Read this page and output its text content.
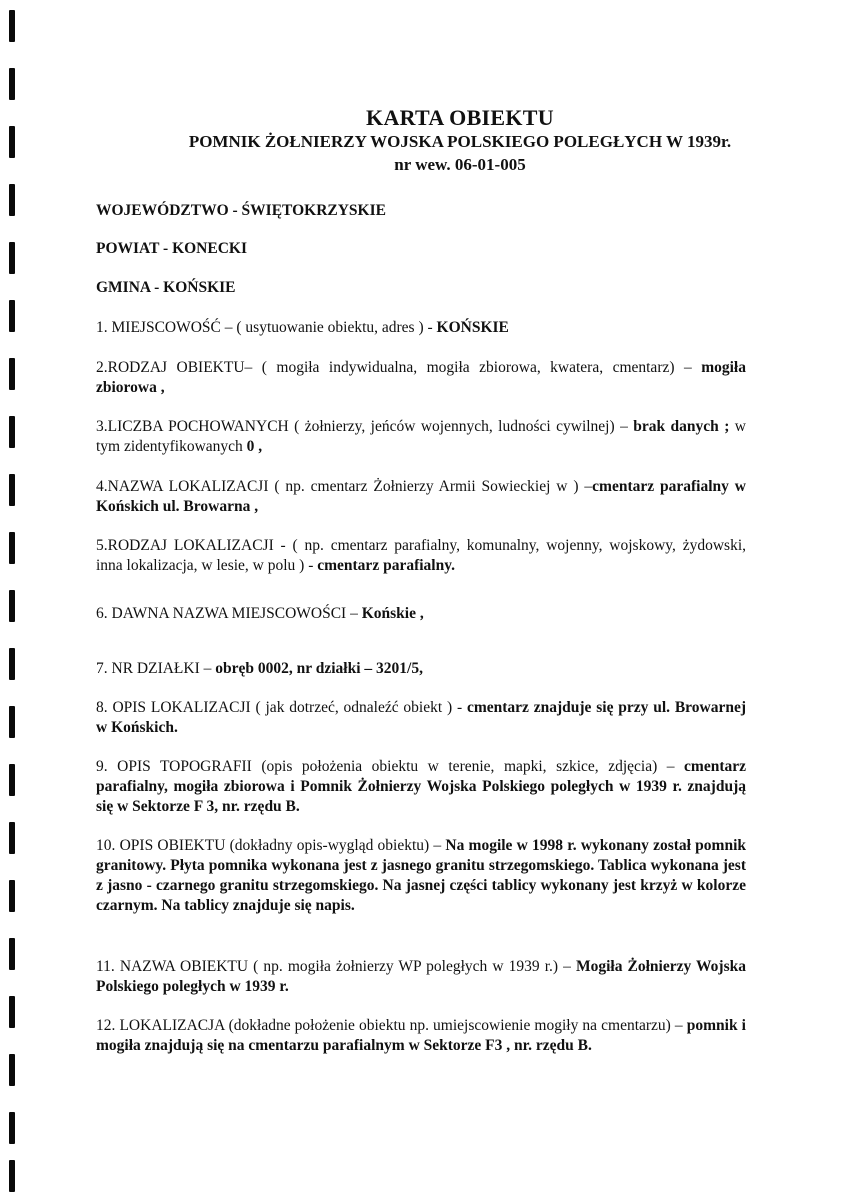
KARTA OBIEKTU
POMNIK ŻOŁNIERZY WOJSKA POLSKIEGO POLEGŁYCH W 1939r.
nr wew. 06-01-005
WOJEWÓDZTWO - ŚWIĘTOKRZYSKIE
POWIAT - KONECKI
GMINA - KOŃSKIE
1. MIEJSCOWOŚĆ – ( usytuowanie obiektu, adres ) - KOŃSKIE
2.RODZAJ OBIEKTU– ( mogiła indywidualna, mogiła zbiorowa, kwatera, cmentarz) – mogiła zbiorowa ,
3.LICZBA POCHOWANYCH ( żołnierzy, jeńców wojennych, ludności cywilnej) – brak danych ; w tym zidentyfikowanych 0 ,
4.NAZWA LOKALIZACJI ( np. cmentarz Żołnierzy Armii Sowieckiej w ) –cmentarz parafialny w Końskich ul. Browarna ,
5.RODZAJ LOKALIZACJI - ( np. cmentarz parafialny, komunalny, wojenny, wojskowy, żydowski, inna lokalizacja, w lesie, w polu ) - cmentarz parafialny.
6. DAWNA NAZWA MIEJSCOWOŚCI – Końskie ,
7. NR DZIAŁKI – obręb 0002, nr działki – 3201/5,
8. OPIS LOKALIZACJI ( jak dotrzeć, odnaleźć obiekt ) - cmentarz znajduje się przy ul. Browarnej w Końskich.
9. OPIS TOPOGRAFII (opis położenia obiektu w terenie, mapki, szkice, zdjęcia) – cmentarz parafialny, mogiła zbiorowa i Pomnik Żołnierzy Wojska Polskiego poległych w 1939 r. znajdują się w Sektorze F 3, nr. rzędu B.
10. OPIS OBIEKTU (dokładny opis-wygląd obiektu) – Na mogile w 1998 r. wykonany został pomnik granitowy. Płyta pomnika wykonana jest z jasnego granitu strzegomskiego. Tablica wykonana jest z jasno - czarnego granitu strzegomskiego. Na jasnej części tablicy wykonany jest krzyż w kolorze czarnym. Na tablicy znajduje się napis.
11. NAZWA OBIEKTU ( np. mogiła żołnierzy WP poległych w 1939 r.) – Mogiła Żołnierzy Wojska Polskiego poległych w 1939 r.
12. LOKALIZACJA (dokładne położenie obiektu np. umiejscowienie mogiły na cmentarzu) – pomnik i mogiła znajdują się na cmentarzu parafialnym w Sektorze F3 , nr. rzędu B.
